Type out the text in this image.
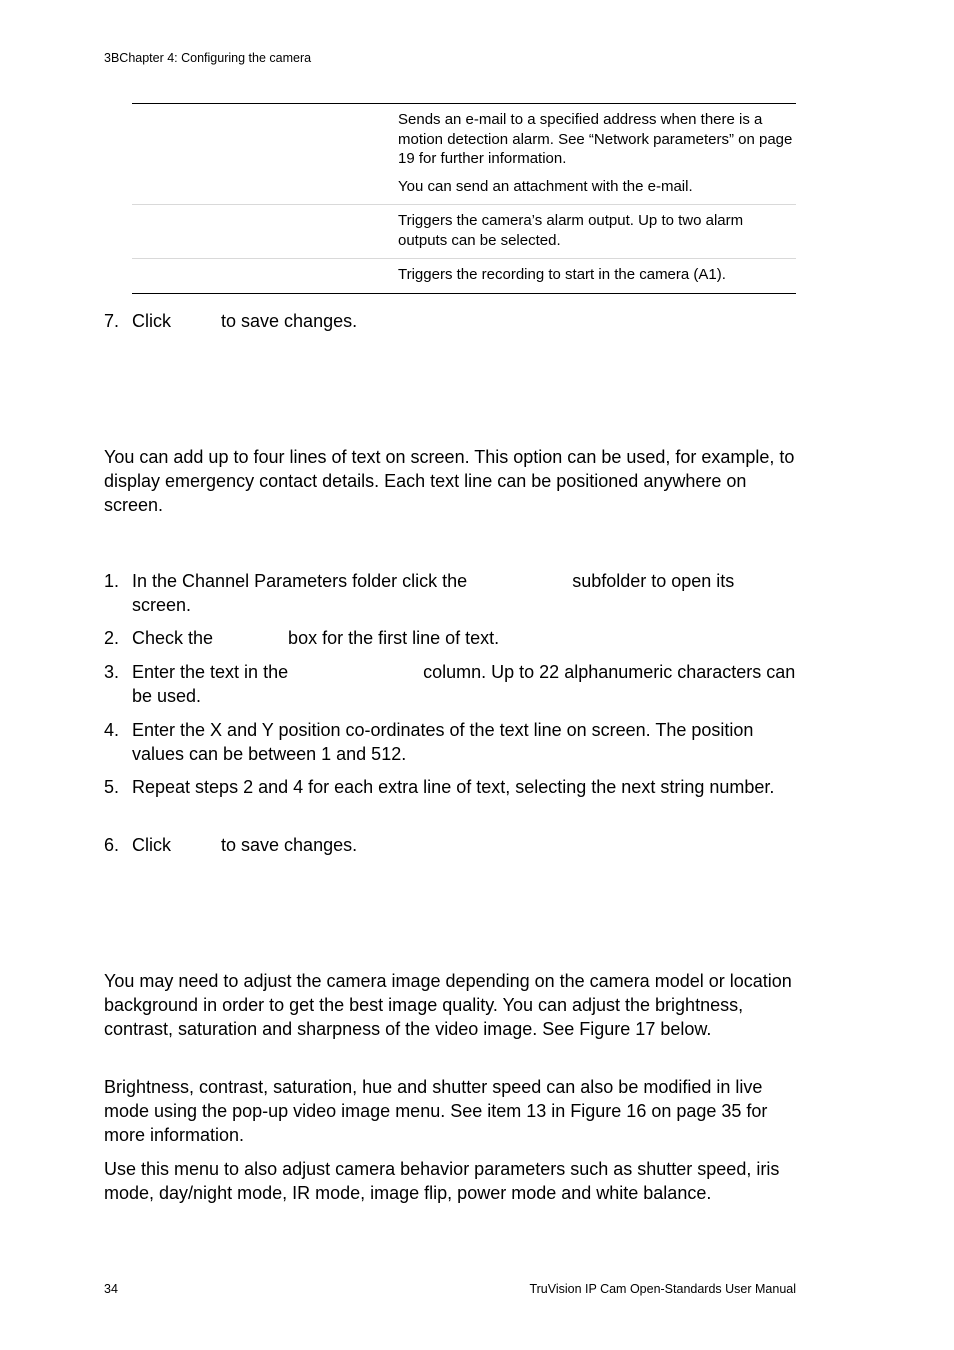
3BChapter 4: Configuring the camera

	Sends an e-mail to a specified address when there is a motion detection alarm. See “Network parameters” on page 19 for further information.

You can send an attachment with the e-mail.

	Triggers the camera’s alarm output. Up to two alarm outputs can be selected.

	Triggers the recording to start in the camera (A1).

7. Click          to save changes.

You can add up to four lines of text on screen. This option can be used, for example, to display emergency contact details. Each text line can be positioned anywhere on screen.

1. In the Channel Parameters folder click the                     subfolder to open its screen.
2. Check the               box for the first line of text.
3. Enter the text in the                           column. Up to 22 alphanumeric characters can be used.
4. Enter the X and Y position co-ordinates of the text line on screen. The position values can be between 1 and 512.
5. Repeat steps 2 and 4 for each extra line of text, selecting the next string number.
6. Click          to save changes.

You may need to adjust the camera image depending on the camera model or location background in order to get the best image quality. You can adjust the brightness, contrast, saturation and sharpness of the video image. See Figure 17 below.

Brightness, contrast, saturation, hue and shutter speed can also be modified in live mode using the pop-up video image menu. See item 13 in Figure 16 on page 35 for more information.

Use this menu to also adjust camera behavior parameters such as shutter speed, iris mode, day/night mode, IR mode, image flip, power mode and white balance.

34	TruVision IP Cam Open-Standards User Manual
